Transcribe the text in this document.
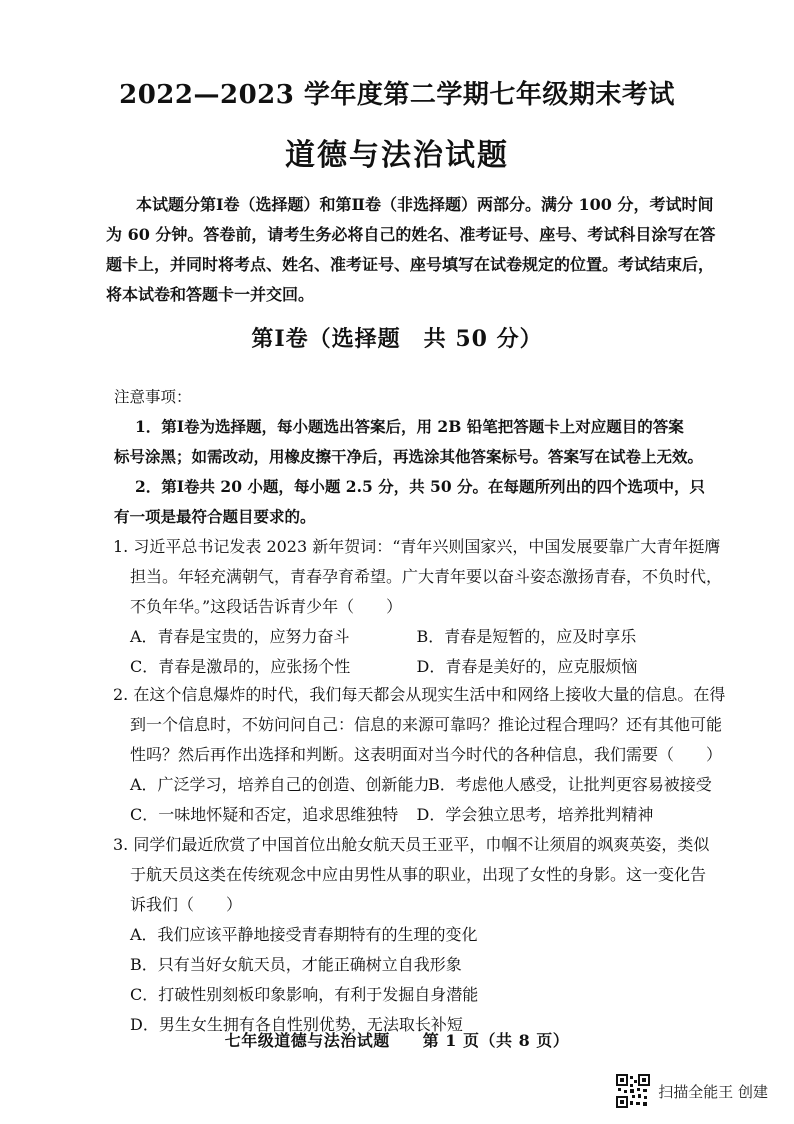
2022—2023 学年度第二学期七年级期末考试
道德与法治试题
本试题分第Ⅰ卷（选择题）和第Ⅱ卷（非选择题）两部分。满分 100 分，考试时间
为 60 分钟。答卷前，请考生务必将自己的姓名、准考证号、座号、考试科目涂写在答
题卡上，并同时将考点、姓名、准考证号、座号填写在试卷规定的位置。考试结束后，
将本试卷和答题卡一并交回。
第Ⅰ卷（选择题　共 50 分）
注意事项：
1．第Ⅰ卷为选择题，每小题选出答案后，用 2B 铅笔把答题卡上对应题目的答案
标号涂黑；如需改动，用橡皮擦干净后，再选涂其他答案标号。答案写在试卷上无效。
2．第Ⅰ卷共 20 小题，每小题 2.5 分，共 50 分。在每题所列出的四个选项中，只
有一项是最符合题目要求的。
1. 习近平总书记发表 2023 新年贺词：“青年兴则国家兴，中国发展要靠广大青年挺膺
担当。年轻充满朝气，青春孕育希望。广大青年要以奋斗姿态激扬青春，不负时代，
不负年华。”这段话告诉青少年（　　）
A．青春是宝贵的，应努力奋斗	B．青春是短暂的，应及时享乐
C．青春是激昂的，应张扬个性	D．青春是美好的，应克服烦恼
2. 在这个信息爆炸的时代，我们每天都会从现实生活中和网络上接收大量的信息。在得
到一个信息时，不妨问问自己：信息的来源可靠吗？推论过程合理吗？还有其他可能
性吗？然后再作出选择和判断。这表明面对当今时代的各种信息，我们需要（　　）
A．广泛学习，培养自己的创造、创新能力
B．考虑他人感受，让批判更容易被接受
C．一味地怀疑和否定，追求思维独特	D．学会独立思考，培养批判精神
3. 同学们最近欣赏了中国首位出舱女航天员王亚平，巾帼不让须眉的飒爽英姿，类似
于航天员这类在传统观念中应由男性从事的职业，出现了女性的身影。这一变化告
诉我们（　　）
A．我们应该平静地接受青春期特有的生理的变化
B．只有当好女航天员，才能正确树立自我形象
C．打破性别刻板印象影响，有利于发掘自身潜能
D．男生女生拥有各自性别优势，无法取长补短
七年级道德与法治试题　　第 1 页（共 8 页）
扫描全能王 创建
